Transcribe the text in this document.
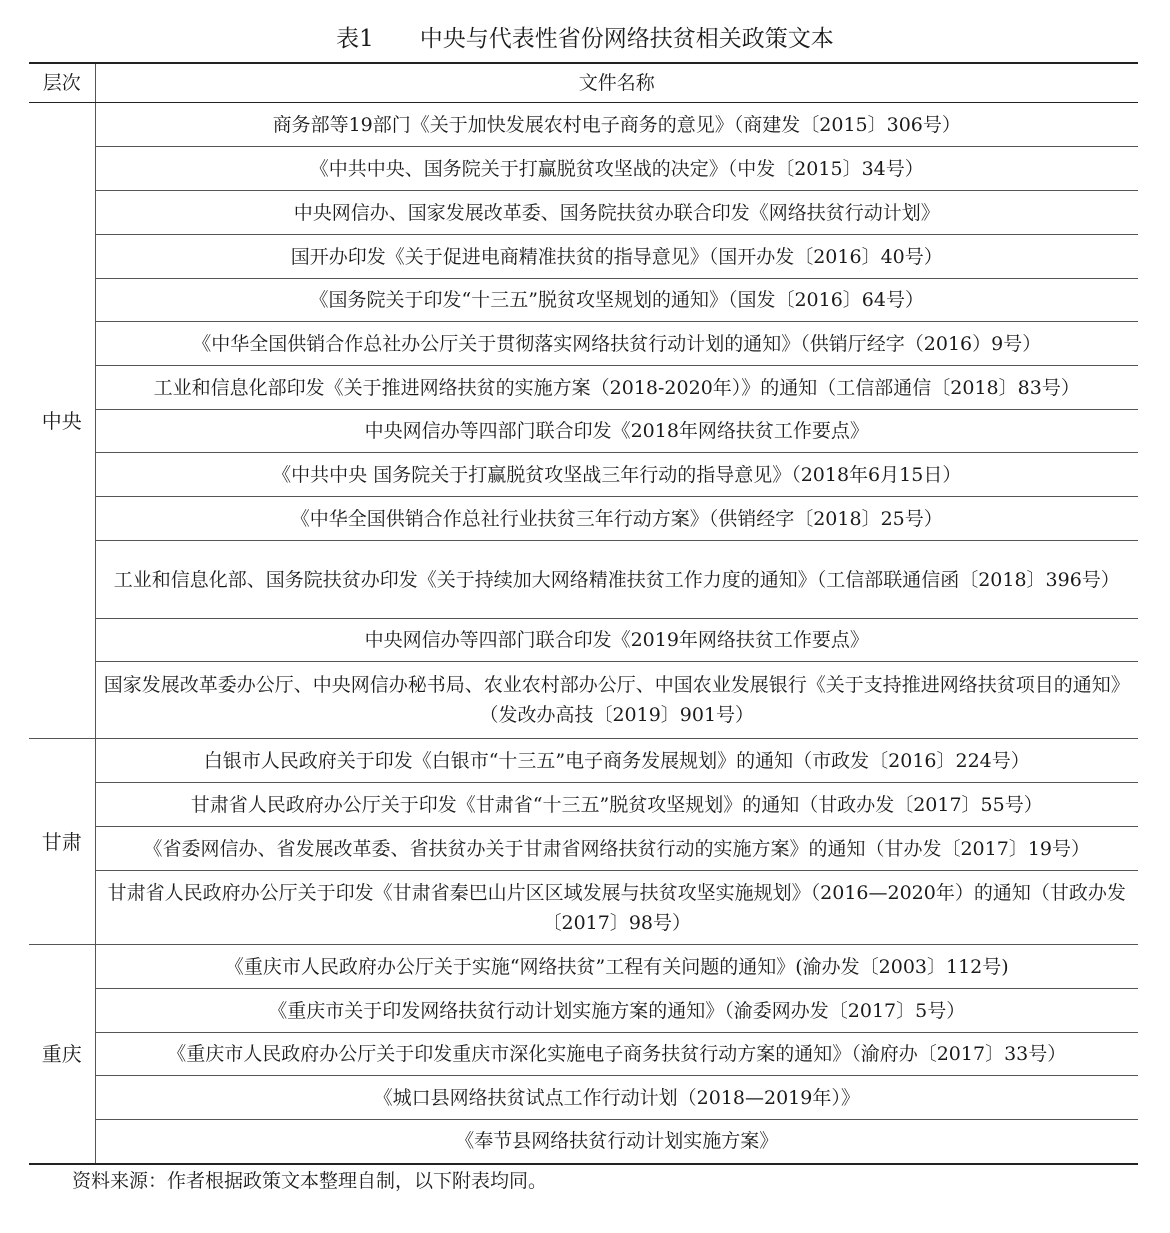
表1　　中央与代表性省份网络扶贫相关政策文本
层次	文件名称
中央	商务部等19部门《关于加快发展农村电子商务的意见》（商建发〔2015〕306号）
	《中共中央、国务院关于打赢脱贫攻坚战的决定》（中发〔2015〕34号）
	中央网信办、国家发展改革委、国务院扶贫办联合印发《网络扶贫行动计划》
	国开办印发《关于促进电商精准扶贫的指导意见》（国开办发〔2016〕40号）
	《国务院关于印发“十三五”脱贫攻坚规划的通知》（国发〔2016〕64号）
	《中华全国供销合作总社办公厅关于贯彻落实网络扶贫行动计划的通知》（供销厅经字（2016）9号）
	工业和信息化部印发《关于推进网络扶贫的实施方案（2018-2020年）》的通知（工信部通信〔2018〕83号）
	中央网信办等四部门联合印发《2018年网络扶贫工作要点》
	《中共中央 国务院关于打赢脱贫攻坚战三年行动的指导意见》（2018年6月15日）
	《中华全国供销合作总社行业扶贫三年行动方案》（供销经字〔2018〕25号）
	工业和信息化部、国务院扶贫办印发《关于持续加大网络精准扶贫工作力度的通知》（工信部联通信函〔2018〕396号）
	中央网信办等四部门联合印发《2019年网络扶贫工作要点》
	国家发展改革委办公厅、中央网信办秘书局、农业农村部办公厅、中国农业发展银行《关于支持推进网络扶贫项目的通知》（发改办高技〔2019〕901号）
甘肃	白银市人民政府关于印发《白银市“十三五”电子商务发展规划》的通知（市政发〔2016〕224号）
	甘肃省人民政府办公厅关于印发《甘肃省“十三五”脱贫攻坚规划》的通知（甘政办发〔2017〕55号）
	《省委网信办、省发展改革委、省扶贫办关于甘肃省网络扶贫行动的实施方案》的通知（甘办发〔2017〕19号）
	甘肃省人民政府办公厅关于印发《甘肃省秦巴山片区区域发展与扶贫攻坚实施规划》（2016—2020年）的通知（甘政办发〔2017〕98号）
重庆	《重庆市人民政府办公厅关于实施“网络扶贫”工程有关问题的通知》(渝办发〔2003〕112号)
	《重庆市关于印发网络扶贫行动计划实施方案的通知》（渝委网办发〔2017〕5号）
	《重庆市人民政府办公厅关于印发重庆市深化实施电子商务扶贫行动方案的通知》（渝府办〔2017〕33号）
	《城口县网络扶贫试点工作行动计划（2018—2019年）》
	《奉节县网络扶贫行动计划实施方案》
资料来源：作者根据政策文本整理自制，以下附表均同。
